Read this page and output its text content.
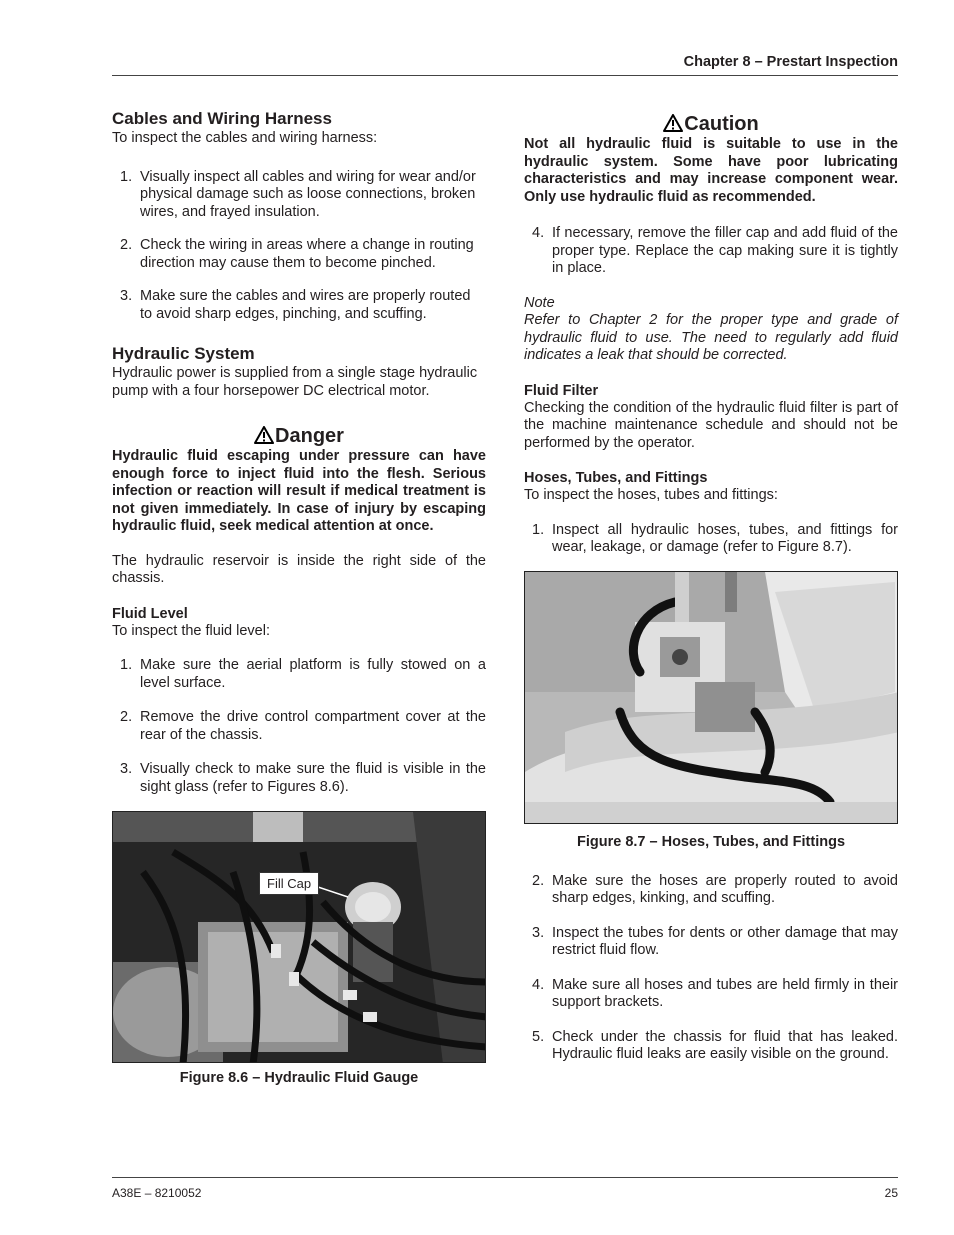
Chapter 8 – Prestart Inspection
Cables and Wiring Harness

To inspect the cables and wiring harness:

1. Visually inspect all cables and wiring for wear and/or physical damage such as loose connections, broken wires, and frayed insulation.
2. Check the wiring in areas where a change in routing direction may cause them to become pinched.
3. Make sure the cables and wires are properly routed to avoid sharp edges, pinching, and scuffing.
Hydraulic System

Hydraulic power is supplied from a single stage hydraulic pump with a four horsepower DC electrical motor.

Danger

Hydraulic fluid escaping under pressure can have enough force to inject fluid into the flesh. Serious infection or reaction will result if medical treatment is not given immediately. In case of injury by escaping hydraulic fluid, seek medical attention at once.

The hydraulic reservoir is inside the right side of the chassis.

Fluid Level

To inspect the fluid level:

1. Make sure the aerial platform is fully stowed on a level surface.
2. Remove the drive control compartment cover at the rear of the chassis.
3. Visually check to make sure the fluid is visible in the sight glass (refer to Figures 8.6).
Fill Cap
Figure 8.6 – Hydraulic Fluid Gauge
Caution

Not all hydraulic fluid is suitable to use in the hydraulic system. Some have poor lubricating characteristics and may increase component wear. Only use hydraulic fluid as recommended.

4. If necessary, remove the filler cap and add fluid of the proper type. Replace the cap making sure it is tightly in place.

Note

Refer to Chapter 2 for the proper type and grade of hydraulic fluid to use. The need to regularly add fluid indicates a leak that should be corrected.

Fluid Filter

Checking the condition of the hydraulic fluid filter is part of the machine maintenance schedule and should not be performed by the operator.

Hoses, Tubes, and Fittings

To inspect the hoses, tubes and fittings:

1. Inspect all hydraulic hoses, tubes, and fittings for wear, leakage, or damage (refer to Figure 8.7).
Figure 8.7 – Hoses, Tubes, and Fittings
2. Make sure the hoses are properly routed to avoid sharp edges, kinking, and scuffing.
3. Inspect the tubes for dents or other damage that may restrict fluid flow.
4. Make sure all hoses and tubes are held firmly in their support brackets.
5. Check under the chassis for fluid that has leaked. Hydraulic fluid leaks are easily visible on the ground.
A38E – 8210052	25
